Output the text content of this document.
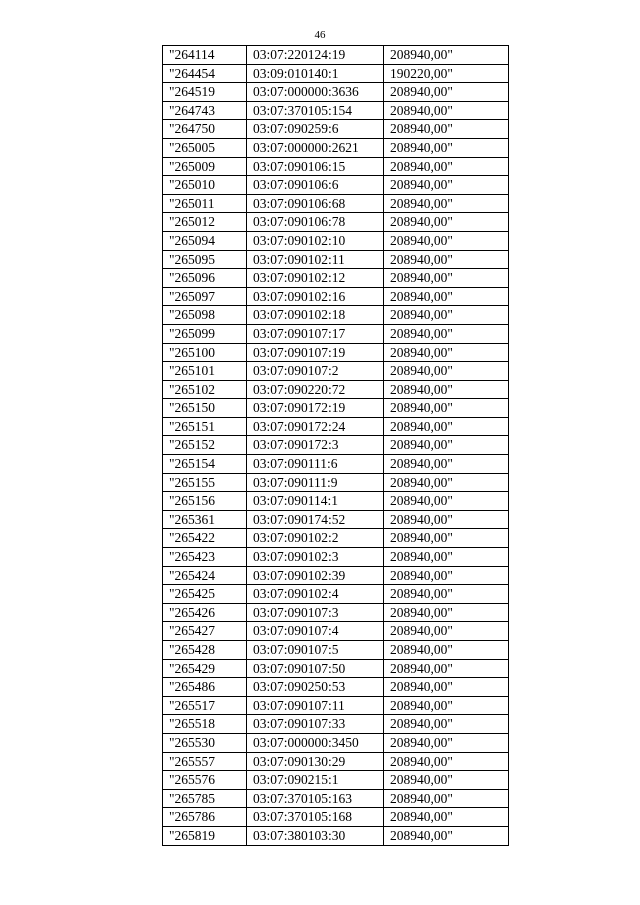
46
"264114	03:07:220124:19	208940,00"
"264454	03:09:010140:1	190220,00"
"264519	03:07:000000:3636	208940,00"
"264743	03:07:370105:154	208940,00"
"264750	03:07:090259:6	208940,00"
"265005	03:07:000000:2621	208940,00"
"265009	03:07:090106:15	208940,00"
"265010	03:07:090106:6	208940,00"
"265011	03:07:090106:68	208940,00"
"265012	03:07:090106:78	208940,00"
"265094	03:07:090102:10	208940,00"
"265095	03:07:090102:11	208940,00"
"265096	03:07:090102:12	208940,00"
"265097	03:07:090102:16	208940,00"
"265098	03:07:090102:18	208940,00"
"265099	03:07:090107:17	208940,00"
"265100	03:07:090107:19	208940,00"
"265101	03:07:090107:2	208940,00"
"265102	03:07:090220:72	208940,00"
"265150	03:07:090172:19	208940,00"
"265151	03:07:090172:24	208940,00"
"265152	03:07:090172:3	208940,00"
"265154	03:07:090111:6	208940,00"
"265155	03:07:090111:9	208940,00"
"265156	03:07:090114:1	208940,00"
"265361	03:07:090174:52	208940,00"
"265422	03:07:090102:2	208940,00"
"265423	03:07:090102:3	208940,00"
"265424	03:07:090102:39	208940,00"
"265425	03:07:090102:4	208940,00"
"265426	03:07:090107:3	208940,00"
"265427	03:07:090107:4	208940,00"
"265428	03:07:090107:5	208940,00"
"265429	03:07:090107:50	208940,00"
"265486	03:07:090250:53	208940,00"
"265517	03:07:090107:11	208940,00"
"265518	03:07:090107:33	208940,00"
"265530	03:07:000000:3450	208940,00"
"265557	03:07:090130:29	208940,00"
"265576	03:07:090215:1	208940,00"
"265785	03:07:370105:163	208940,00"
"265786	03:07:370105:168	208940,00"
"265819	03:07:380103:30	208940,00"
